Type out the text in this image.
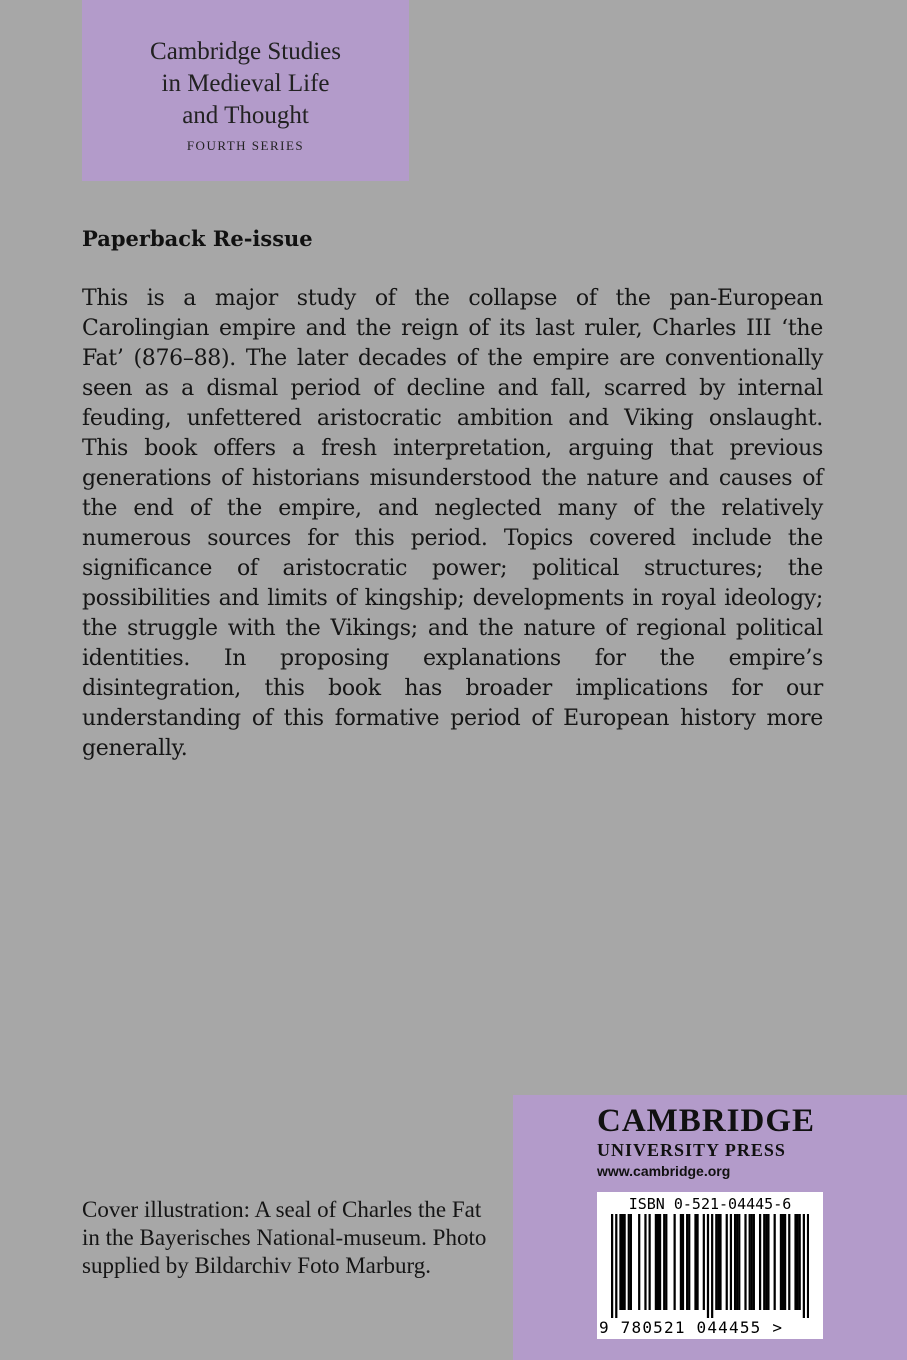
Cambridge Studies
in Medieval Life
and Thought
FOURTH SERIES
Paperback Re-issue
This is a major study of the collapse of the pan-European Carolingian empire and the reign of its last ruler, Charles III ‘the Fat’ (876–88). The later decades of the empire are conventionally seen as a dismal period of decline and fall, scarred by internal feuding, unfettered aristocratic ambition and Viking onslaught. This book offers a fresh interpretation, arguing that previous generations of historians misunderstood the nature and causes of the end of the empire, and neglected many of the relatively numerous sources for this period. Topics covered include the significance of aristocratic power; political structures; the possibilities and limits of kingship; developments in royal ideology; the struggle with the Vikings; and the nature of regional political identities. In proposing explanations for the empire’s disintegration, this book has broader implications for our understanding of this formative period of European history more generally.
Cover illustration: A seal of Charles the Fat in the Bayerisches National-museum. Photo supplied by Bildarchiv Foto Marburg.
CAMBRIDGE
UNIVERSITY PRESS
www.cambridge.org
ISBN 0-521-04445-6
9 780521 044455 >
